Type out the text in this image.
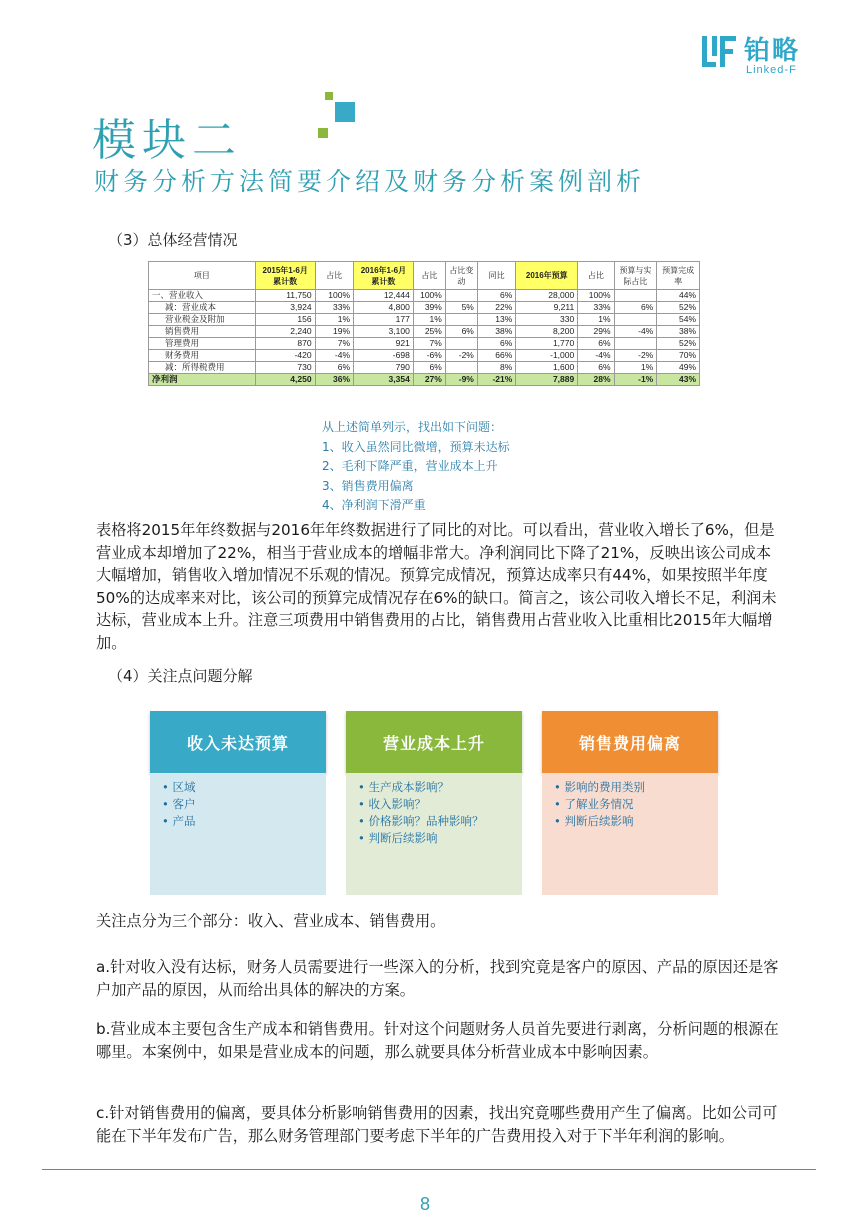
铂略
Linked-F
模块二
财务分析方法简要介绍及财务分析案例剖析
（3）总体经营情况
项目	2015年1-6月累计数	占比	2016年1-6月累计数	占比	占比变动	同比	2016年预算	占比	预算与实际占比	预算完成率
一、营业收入	11,750	100%	12,444	100%		6%	28,000	100%		44%
减：营业成本	3,924	33%	4,800	39%	5%	22%	9,211	33%	6%	52%
营业税金及附加	156	1%	177	1%		13%	330	1%		54%
销售费用	2,240	19%	3,100	25%	6%	38%	8,200	29%	-4%	38%
管理费用	870	7%	921	7%		6%	1,770	6%		52%
财务费用	-420	-4%	-698	-6%	-2%	66%	-1,000	-4%	-2%	70%
减：所得税费用	730	6%	790	6%		8%	1,600	6%	1%	49%
净利润	4,250	36%	3,354	27%	-9%	-21%	7,889	28%	-1%	43%
从上述简单列示，找出如下问题：
1、收入虽然同比微增，预算未达标
2、毛利下降严重，营业成本上升
3、销售费用偏离
4、净利润下滑严重
表格将2015年年终数据与2016年年终数据进行了同比的对比。可以看出，营业收入增长了6%，但是营业成本却增加了22%，相当于营业成本的增幅非常大。净利润同比下降了21%，反映出该公司成本大幅增加，销售收入增加情况不乐观的情况。预算完成情况，预算达成率只有44%，如果按照半年度50%的达成率来对比，该公司的预算完成情况存在6%的缺口。简言之，该公司收入增长不足，利润未达标，营业成本上升。注意三项费用中销售费用的占比，销售费用占营业收入比重相比2015年大幅增加。
（4）关注点问题分解
收入未达预算
• 区域
• 客户
• 产品
营业成本上升
• 生产成本影响？
• 收入影响？
• 价格影响？品种影响？
• 判断后续影响
销售费用偏离
• 影响的费用类别
• 了解业务情况
• 判断后续影响
关注点分为三个部分：收入、营业成本、销售费用。
a.针对收入没有达标，财务人员需要进行一些深入的分析，找到究竟是客户的原因、产品的原因还是客户加产品的原因，从而给出具体的解决的方案。
b.营业成本主要包含生产成本和销售费用。针对这个问题财务人员首先要进行剥离，分析问题的根源在哪里。本案例中，如果是营业成本的问题，那么就要具体分析营业成本中影响因素。
c.针对销售费用的偏离，要具体分析影响销售费用的因素，找出究竟哪些费用产生了偏离。比如公司可能在下半年发布广告，那么财务管理部门要考虑下半年的广告费用投入对于下半年利润的影响。
8
